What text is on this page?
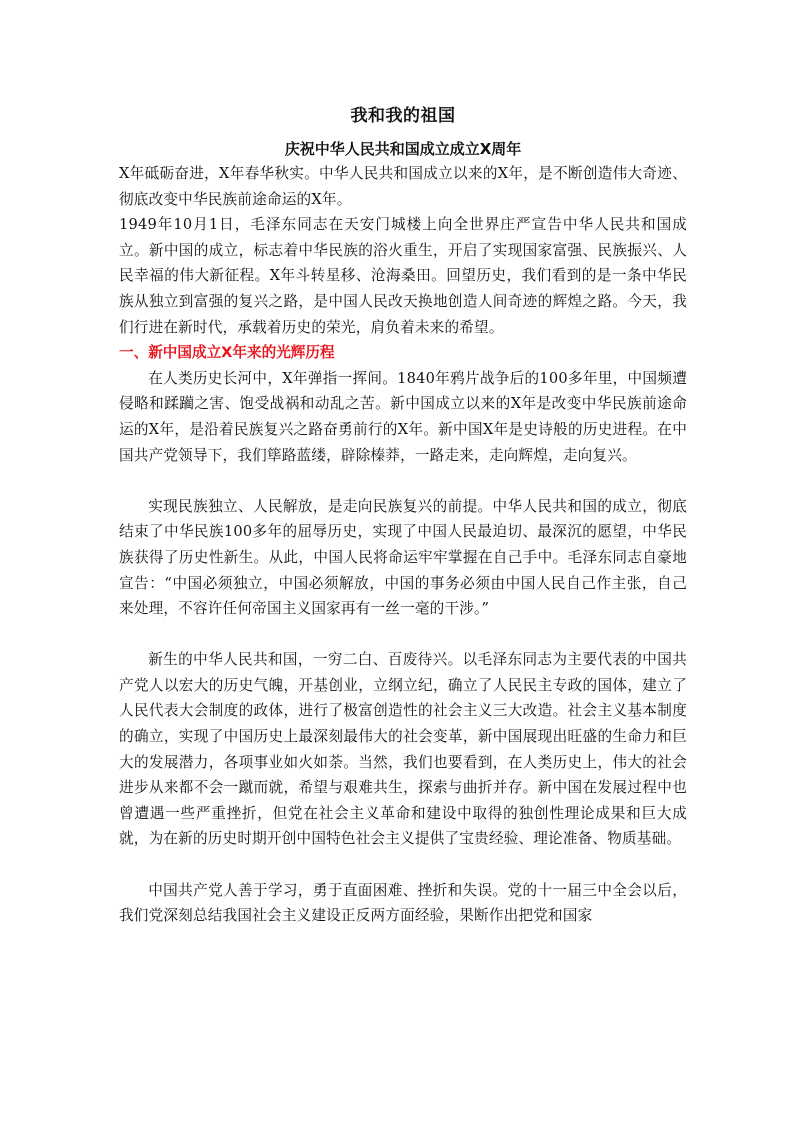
我和我的祖国
庆祝中华人民共和国成立成立X周年

X年砥砺奋进，X年春华秋实。中华人民共和国成立以来的X年，是不断创造伟大奇迹、彻底改变中华民族前途命运的X年。

1949年10月1日，毛泽东同志在天安门城楼上向全世界庄严宣告中华人民共和国成立。新中国的成立，标志着中华民族的浴火重生，开启了实现国家富强、民族振兴、人民幸福的伟大新征程。X年斗转星移、沧海桑田。回望历史，我们看到的是一条中华民族从独立到富强的复兴之路，是中国人民改天换地创造人间奇迹的辉煌之路。今天，我们行进在新时代，承载着历史的荣光，肩负着未来的希望。

一、新中国成立X年来的光辉历程

在人类历史长河中，X年弹指一挥间。1840年鸦片战争后的100多年里，中国频遭侵略和蹂躏之害、饱受战祸和动乱之苦。新中国成立以来的X年是改变中华民族前途命运的X年，是沿着民族复兴之路奋勇前行的X年。新中国X年是史诗般的历史进程。在中国共产党领导下，我们筚路蓝缕，辟除榛莽，一路走来，走向辉煌，走向复兴。

实现民族独立、人民解放，是走向民族复兴的前提。中华人民共和国的成立，彻底结束了中华民族100多年的屈辱历史，实现了中国人民最迫切、最深沉的愿望，中华民族获得了历史性新生。从此，中国人民将命运牢牢掌握在自己手中。毛泽东同志自豪地宣告：“中国必须独立，中国必须解放，中国的事务必须由中国人民自己作主张，自己来处理，不容许任何帝国主义国家再有一丝一毫的干涉。”

新生的中华人民共和国，一穷二白、百废待兴。以毛泽东同志为主要代表的中国共产党人以宏大的历史气魄，开基创业，立纲立纪，确立了人民民主专政的国体，建立了人民代表大会制度的政体，进行了极富创造性的社会主义三大改造。社会主义基本制度的确立，实现了中国历史上最深刻最伟大的社会变革，新中国展现出旺盛的生命力和巨大的发展潜力，各项事业如火如荼。当然，我们也要看到，在人类历史上，伟大的社会进步从来都不会一蹴而就，希望与艰难共生，探索与曲折并存。新中国在发展过程中也曾遭遇一些严重挫折，但党在社会主义革命和建设中取得的独创性理论成果和巨大成就，为在新的历史时期开创中国特色社会主义提供了宝贵经验、理论准备、物质基础。

中国共产党人善于学习，勇于直面困难、挫折和失误。党的十一届三中全会以后，我们党深刻总结我国社会主义建设正反两方面经验，果断作出把党和国家
